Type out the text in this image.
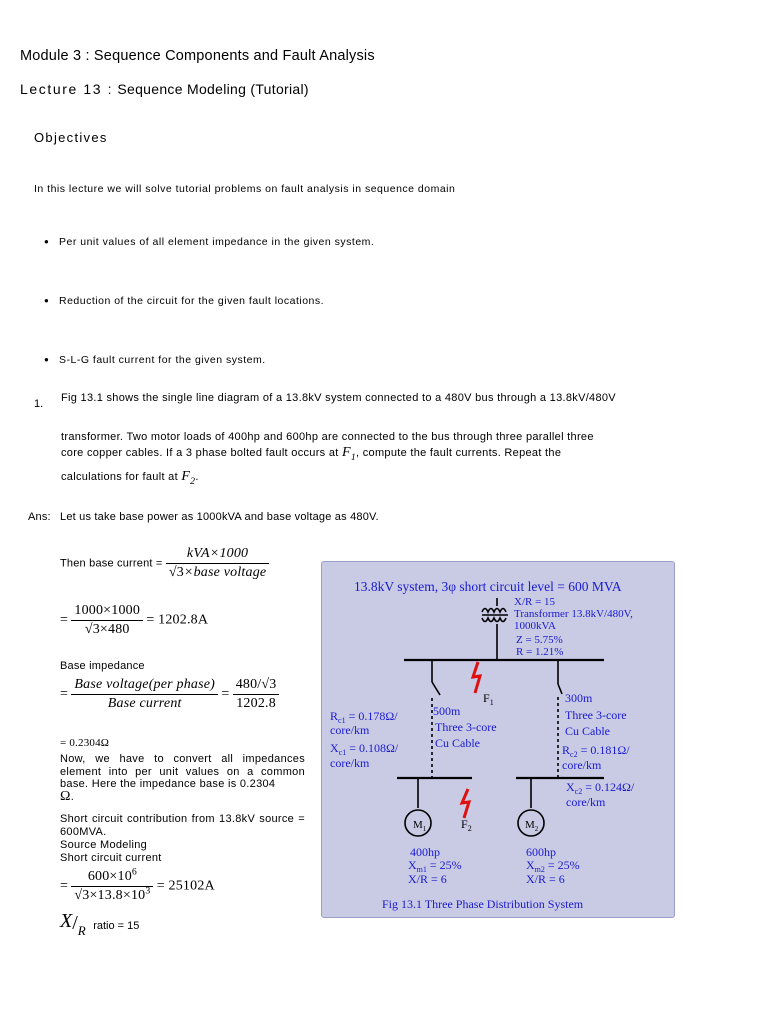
Module 3 : Sequence Components and Fault Analysis
Lecture 13 : Sequence Modeling (Tutorial)
Objectives
In this lecture we will solve tutorial problems on fault analysis in sequence domain
● Per unit values of all element impedance in the given system.
● Reduction of the circuit for the given fault locations.
● S-L-G fault current for the given system.
1. Fig 13.1 shows the single line diagram of a 13.8kV system connected to a 480V bus through a 13.8kV/480V
transformer. Two motor loads of 400hp and 600hp are connected to the bus through three parallel three
core copper cables. If a 3 phase bolted fault occurs at $F_1$, compute the fault currents. Repeat the
calculations for fault at $F_2$.
Ans: Let us take base power as 1000kVA and base voltage as 480V.
Then base current = $\frac{\text{kVA×1000}}{\text{√3×base voltage}}$
= $\frac{1000\times 1000}{√3\times 480} = 1202.8A$
Base impedance
= $\frac{\text{Base voltage(per phase)}}{\text{Base current}} = \frac{480/√3}{1202.8}$
= 0.2304Ω
Now, we have to convert all impedances element into per unit values on a common base. Here the impedance base is 0.2304
Ω.
Short circuit contribution from 13.8kV source = 600MVA.
Source Modeling
Short circuit current
= $\frac{600\times 10^6}{√3\times 13.8\times 10^3} = 25102A$
$X/_R$ ratio = 15
13.8kV system, 3φ short circuit level = 600 MVA
X/R = 15
Transformer 13.8kV/480V,
1000kVA
Z = 5.75%
R = 1.21%
500m
Three 3-core
Cu Cable
300m
Three 3-core
Cu Cable
$R_{c1} = 0.178\Omega/$
core/km
$X_{c1} = 0.108\Omega/$
core/km
$R_{c2} = 0.181\Omega/$
core/km
$X_{c2} = 0.124\Omega/$
core/km
400hp
$X_{m1} = 25\%$
X/R = 6
600hp
$X_{m2} = 25\%$
X/R = 6
Fig 13.1 Three Phase Distribution System
$F_1$
$F_2$
$M_1$	$M_2$
